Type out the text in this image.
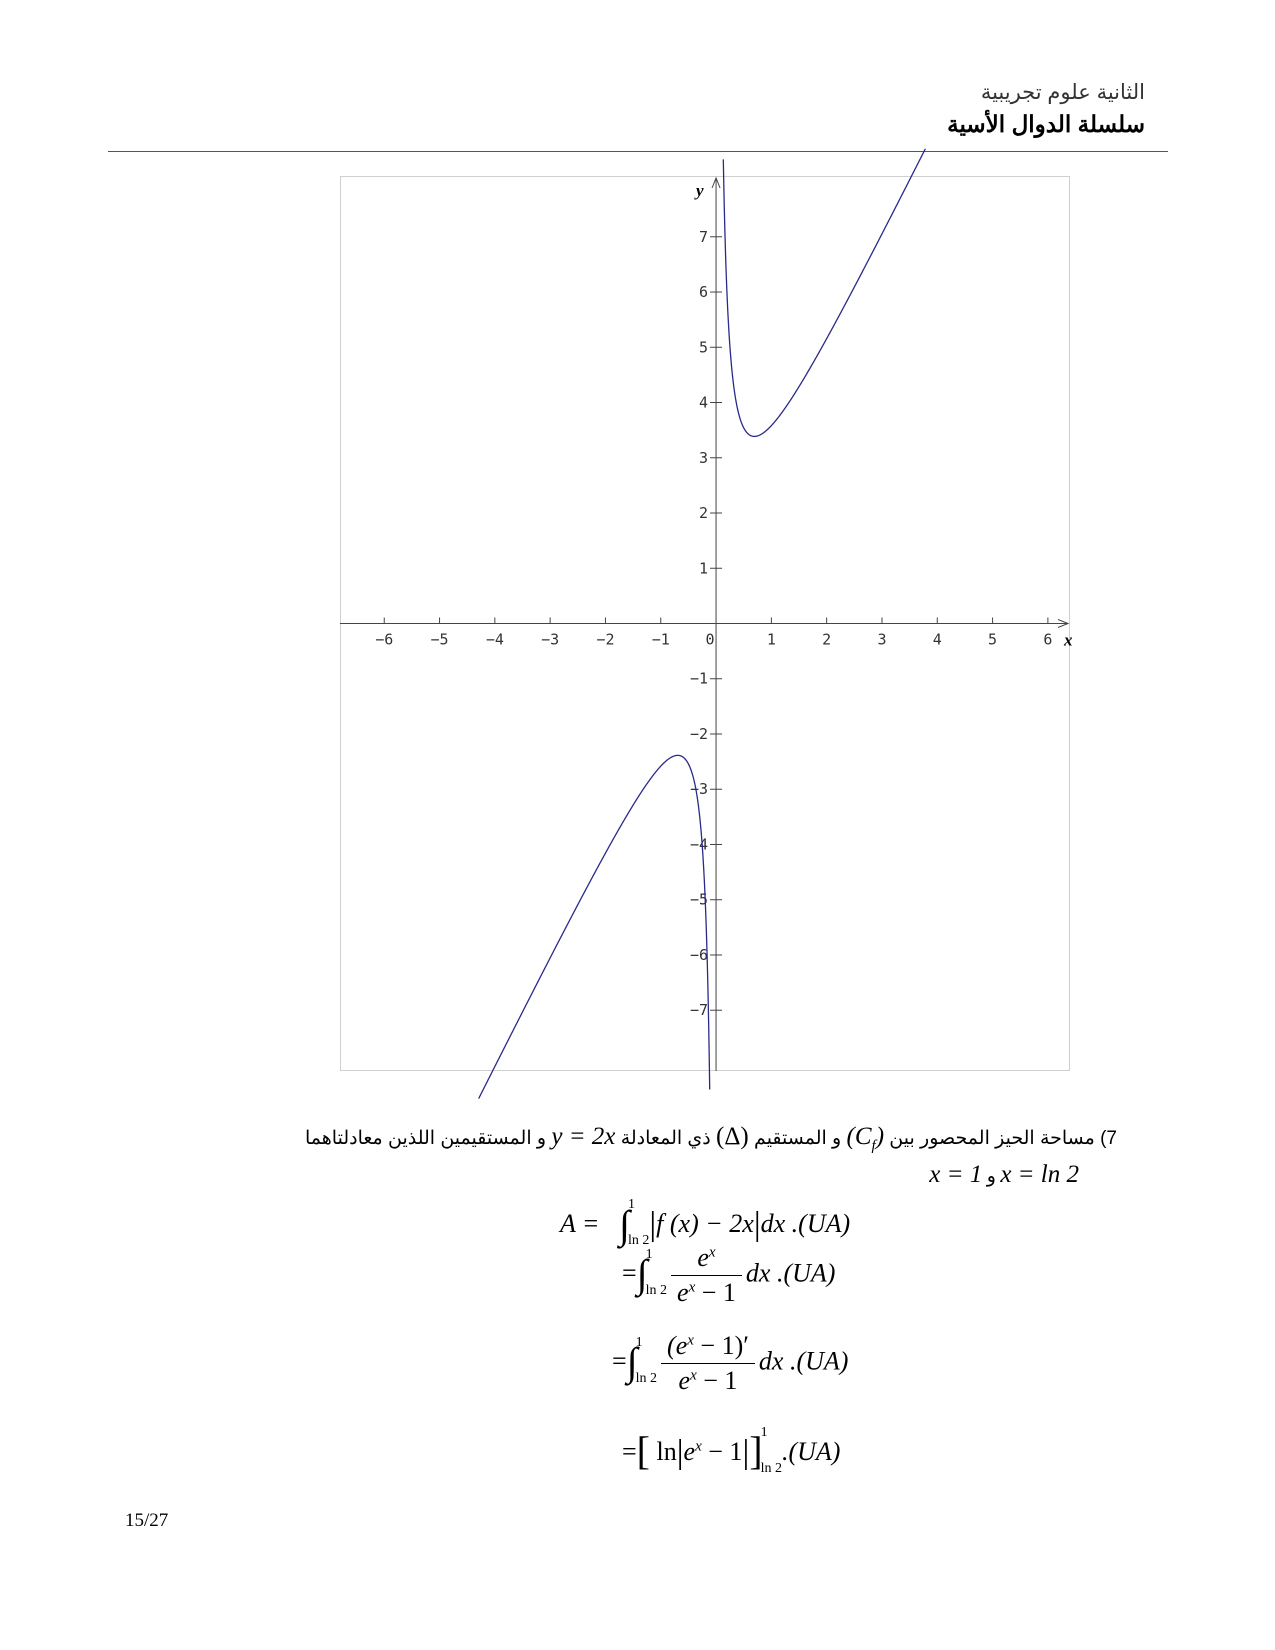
الثانية علوم تجريبية
سلسلة الدوال الأسية
−6 −5 −4 −3 −2 −1 0	1	2	3	4	5	6
7
6
5
4
3
2
1
−1
−2
−3
−4
−5
−6
−7
x
y
7) مساحة الحيز المحصور بين $(C_f)$ و المستقيم (Δ) ذي المعادلة y = 2x و المستقيمين اللذين معادلتاهما
x = 1 و x = ln 2
A = ∫
1
ln 2 |f (x) − 2x|dx .(UA)
=∫
1
$\ln 2 \frac{e^x}{e^x - 1}$ dx .(UA)
=∫
1
$\ln 2 \frac{(e^x - 1)'}{e^x - 1}$ dx .(UA)
=[ $\ln|e^x - 1|$]
1
ln 2
.(UA)
15/27
